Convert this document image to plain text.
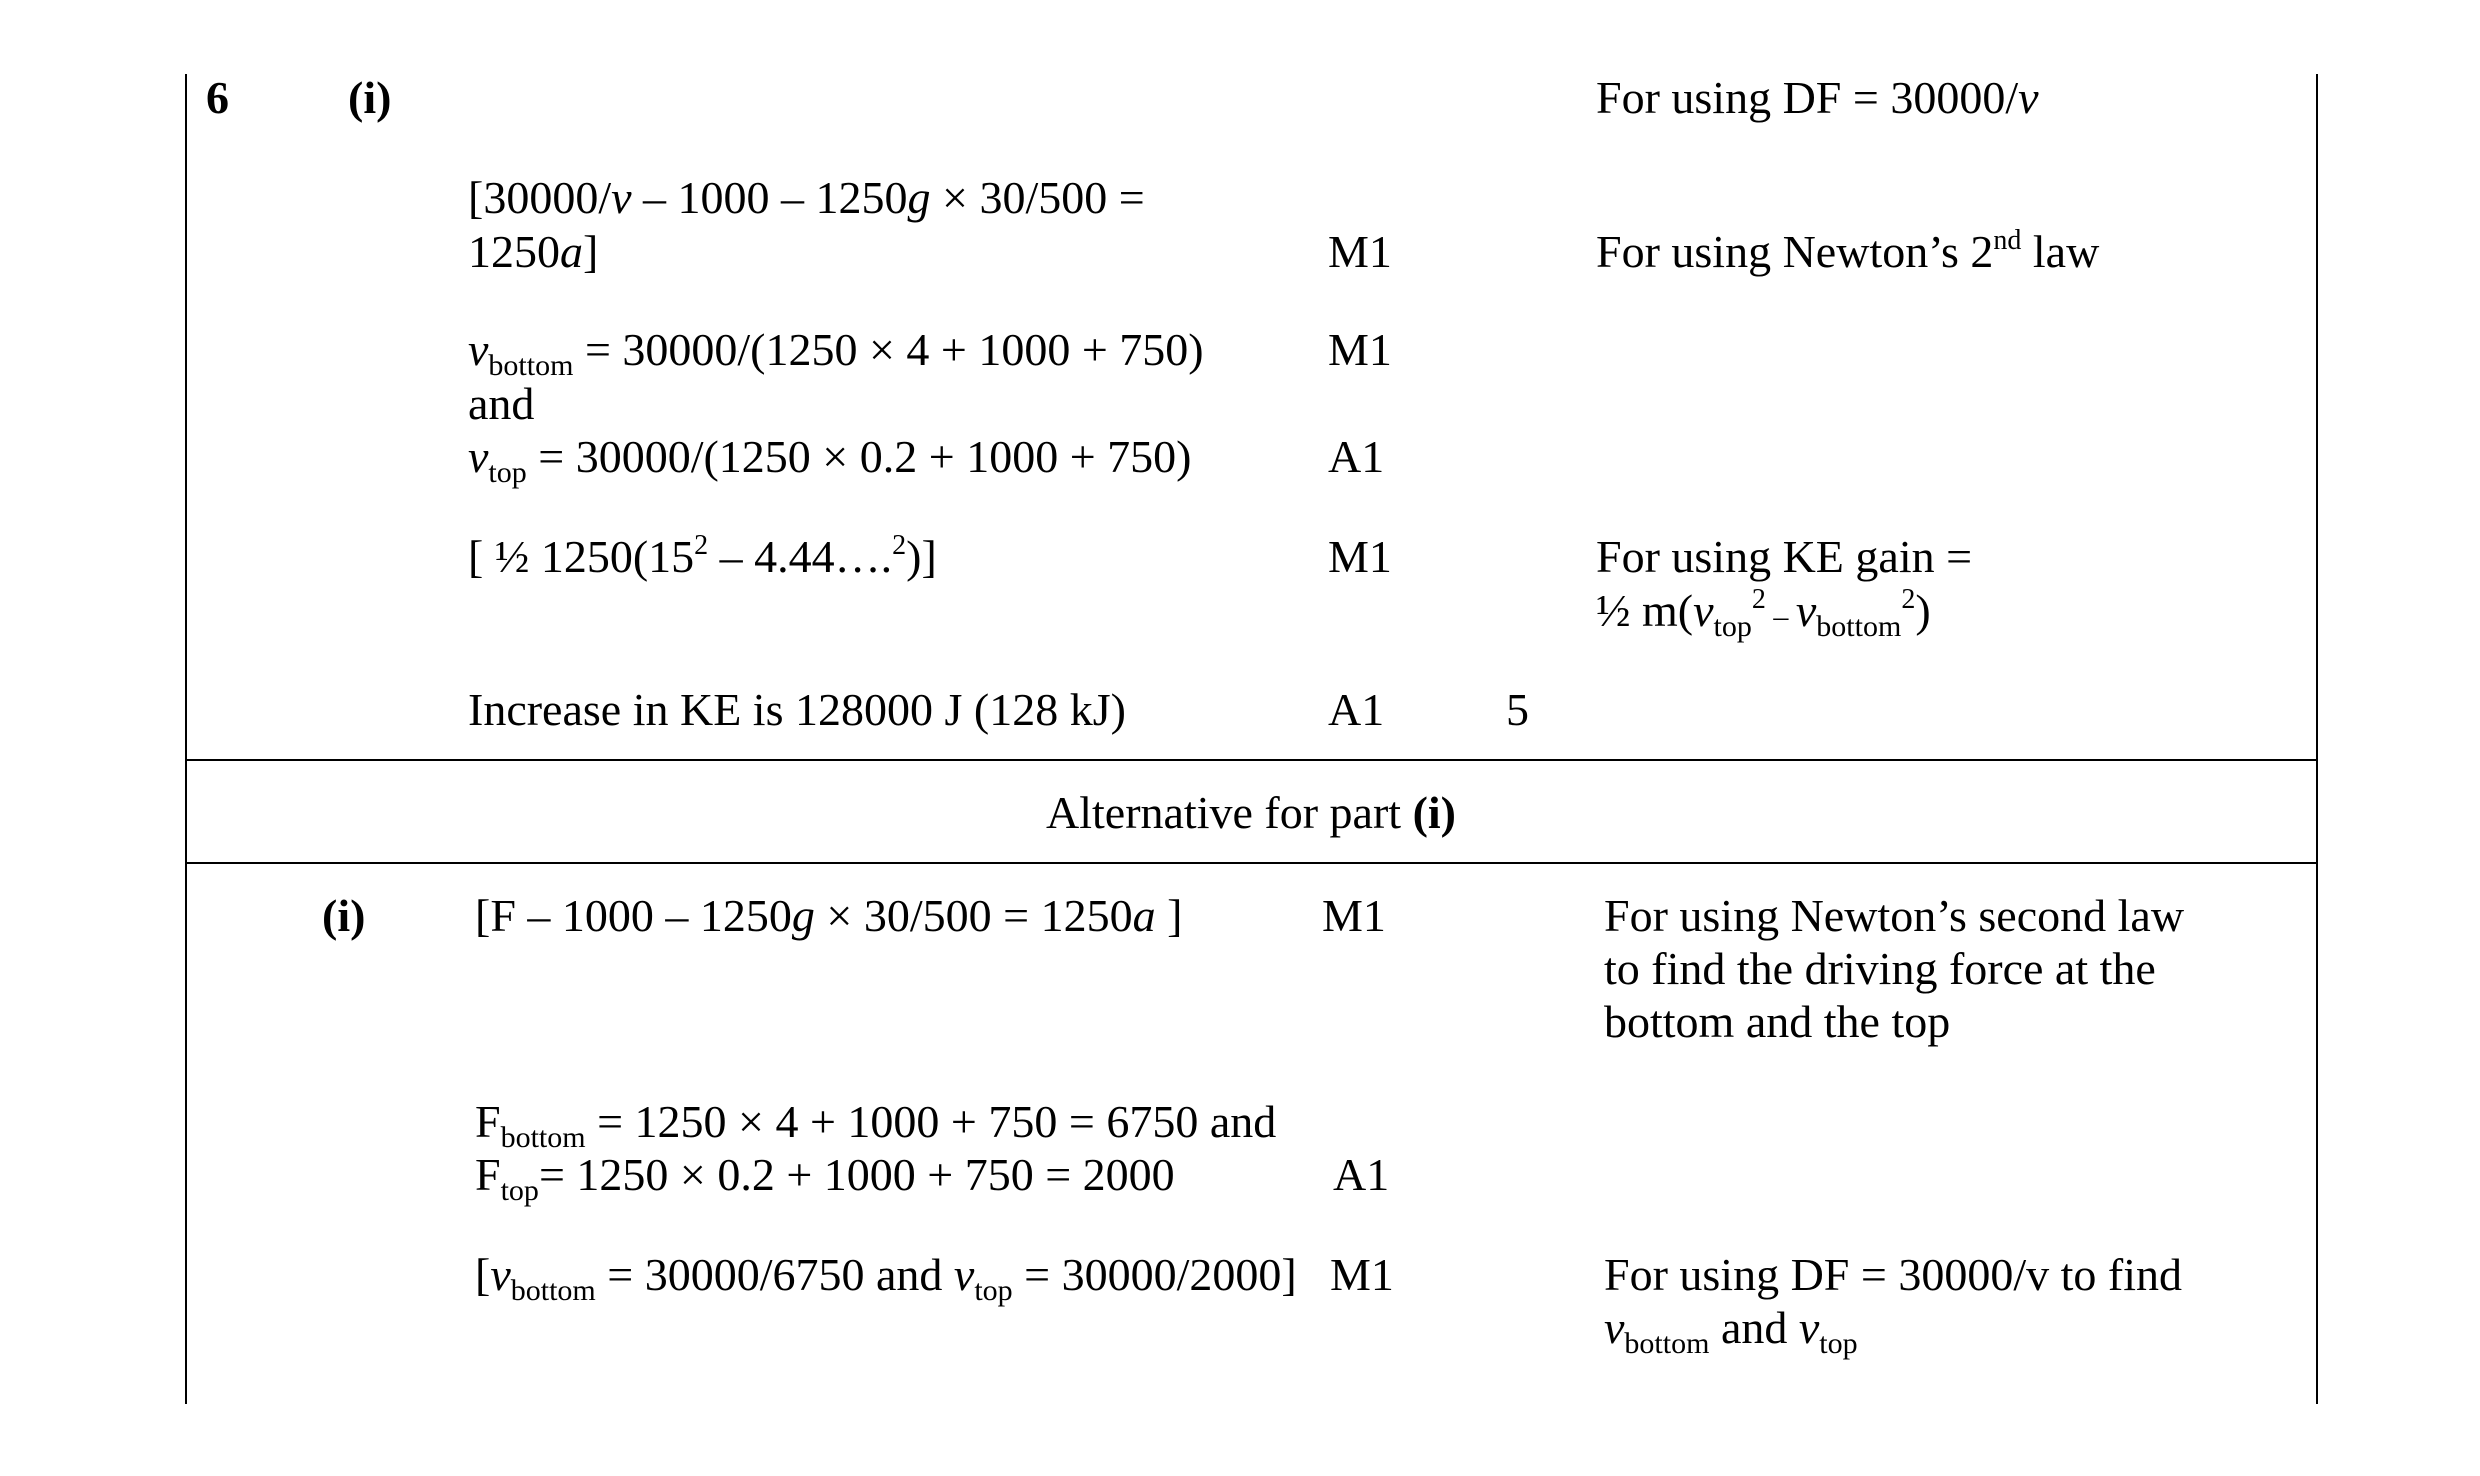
6	(i)	For using DF = 30000/v
[30000/v – 1000 – 1250g × 30/500 =
1250a]	M1	For using Newton’s 2nd law
$v_{bottom} = 30000/(1250 \times 4 + 1000 + 750)$	M1
and
$v_{top} = 30000/(1250 \times 0.2 + 1000 + 750)$	A1
[ ½ $1250(15^2$ – 4.44….$^2$)]	M1	For using KE gain =
½ $m(v_{top}^2 - v_{bottom}^2)$
Increase in KE is 128000 J (128 kJ)	A1	5
Alternative for part (i)
(i) [F – 1000 – 1250g × 30/500 = 1250a ]	M1	For using Newton’s second law
to find the driving force at the
bottom and the top
$F_{bottom} = 1250 \times 4 + 1000 + 750 = 6750$ and
$F_{top}= 1250 \times 0.2 + 1000 + 750 = 2000$	A1
[$v_{bottom} = 30000/6750$ and $v_{top} = 30000/2000$] M1	For using DF = 30000/v to find
$v_{bottom}$ and $v_{top}$
